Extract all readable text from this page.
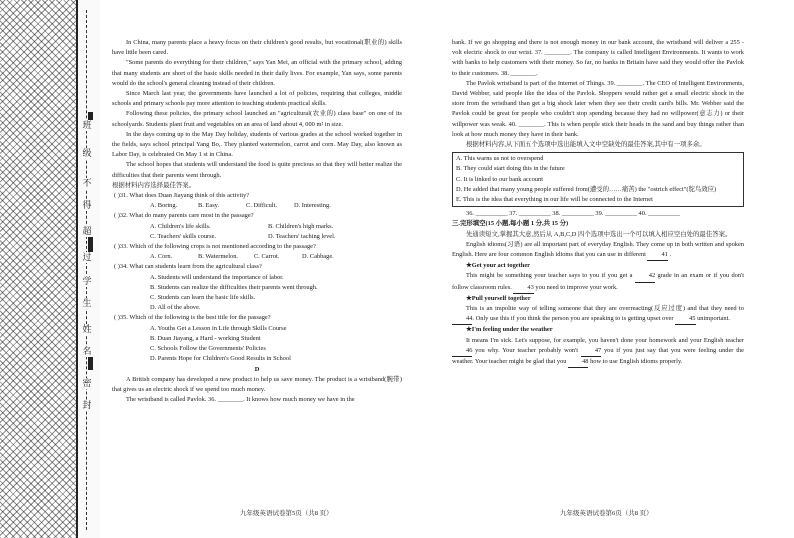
班
级
不
得
超
过
学
生
姓
名
密
封

In China, many parents place a heavy focus on their children's good results, but vocational(职业的) skills have little been cared.

"Some parents do everything for their children," says Yan Mei, an official with the primary school, adding that many students are short of the basic skills needed in their daily lives. For example, Yan says, some parents would do the school's general cleaning instead of their children.

Since March last year, the governments have launched a lot of policies, requiring that colleges, middle schools and primary schools pay more attention to teaching students practical skills.

Following these policies, the primary school launched an "agricultural(农业的) class base" on one of its schoolyards. Students plant fruit and vegetables on an area of land about 4, 000 m² in size.

In the days coming up to the May Day holiday, students of various grades at the school worked together in the fields, says school principal Yang Bo,. They planted watermelon, carrot and corn. May Day, also known as Labor Day, is celebrated On May 1 st in China.

The school hopes that students will understand the food is quite precious so that they will better realize the difficulties that their parents went through.

根据材料内容选择最佳答案。

( )31. What does Duan Jiayang think of this activity?

A. Boring.	B. Easy.	C. Difficult.	D. Interesting.

( )32. What do many parents care most in the passage?

A. Children's life skills.	B. Children's high marks.
C. Teachers' skills course.	D. Teachers' taching level.

( )33. Which of the following crops is not mentioned according to the passage?

A. Corn.	B. Watermelon.	C. Carrot.	D. Cabbage.

( )34. What can students learn from the agricultural class?

A. Students will understand the importance of labor.
B. Students can realize the difficulties their parents went through.
C. Students can learn the basic life skills.
D. All of the above.

( )35. Which of the following is the best title for the passage?

A. Youths Get a Lesson in Life through Skills Course
B. Duan Jiayang, a Hard - working Student
C. Schools Follow the Governments' Policies
D. Parents Hope for Children's Good Results in School

D

A British company has developed a new product to help us save money. The product is a wristband(腕带) that gives us an electric shock if we spend too much money.

The wristband is called Pavlok. 36. ________. It knows how much money we have in the

bank. If we go shopping and there is not enough money in our bank account, the wristband will deliver a 255 - volt electric shock to our wrist. 37. ________. The company is called Intelligent Environments. It wants to work with banks to help customers with their money. So far, no banks in Britain have said they would offer the Pavlok to their customers. 38. ________.

The Pavlok wristband is part of the Internet of Things. 39. ________. The CEO of Intelligent Environments, David Webber, said people like the idea of the Pavlok. Shoppers would rather get a small electric shock in the store from the wristband than get a big shock later when they see their credit card's bills. Mr. Webber said the Pavlok could be great for people who couldn't stop spending because they had no willpower(意志力) or their willpower was weak. 40. ________. This is when people stick their heads in the sand and buy things rather than look at how much money they have in their bank.

根据材料内容,从下面五个选项中选出能填入文中空缺处的最佳答案,其中有一项多余。

A. This warns us not to overspend
B. They could start doing this in the future
C. It is linked to our bank account
D. He added that many young people suffered from(遭受的……痛苦) the "ostrich effect"(鸵鸟效应)
E. This is the idea that everything in our life will be connected to the Internet

36. __________ 37. __________ 38. __________ 39. __________ 40. __________

三.完形填空(15 小题,每小题 1 分,共 15 分)

先通读短文,掌握其大意,然后从 A,B,C,D 四个选项中选出一个可以填入相应空白处的最佳答案。

English idioms(习语) are all important part of everyday English. They come up in both written and spoken English. Here are four common English idioms that you can use in different 41 .

★Get your act together

This might be something your teacher says to you if you get a	42 grade in an exam or if you don't follow classroom rules. 43 you need to improve your work.

★Pull yourself together

This is an impolite way of telling someone that they are overreacting(反应过度) and that they need to 44. Only use this if you think the person you are speaking to is getting upset over 45 unimportant.

★I'm feeling under the weather

It means I'm sick. Let's suppose, for example, you haven't done your homework and your English teacher 46 you why. Your teacher probably won't	47 you if you just say that you were feeling under the weather. Your teacher might be glad that you 48 how to use English idioms properly.

九年级英语试卷第5页（共8 页）	九年级英语试卷第6页（共8 页）
